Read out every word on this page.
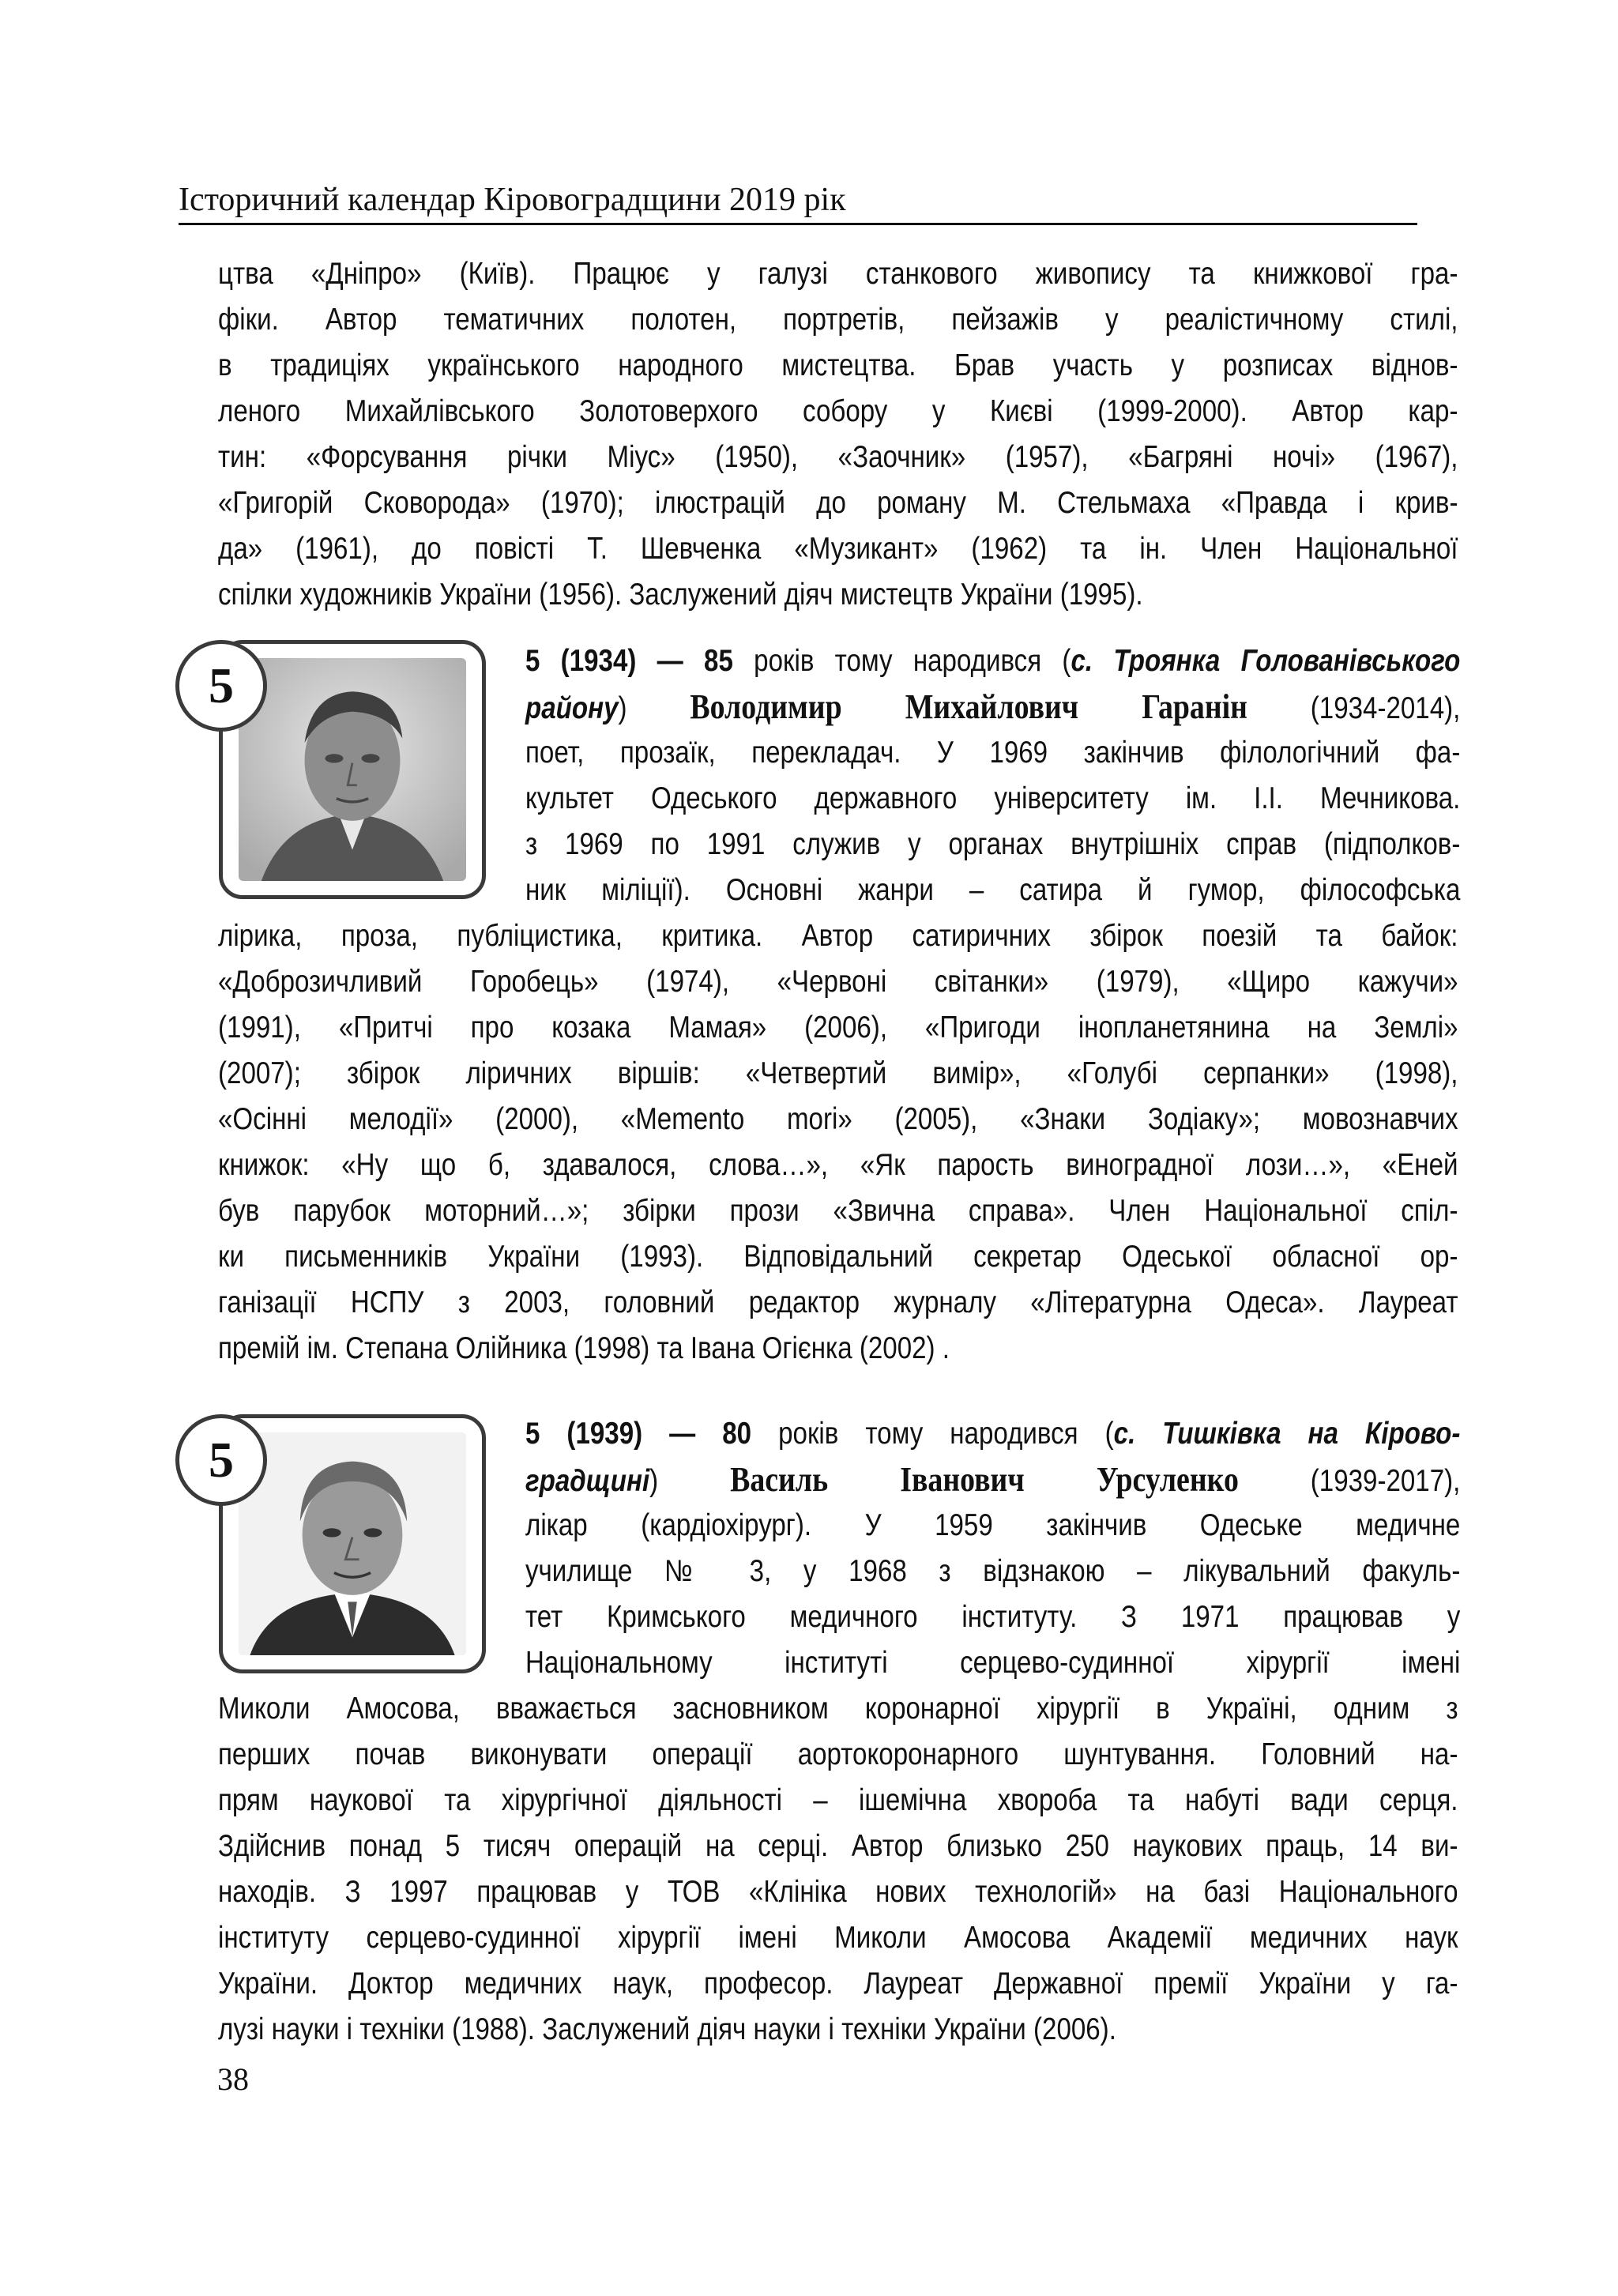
Історичний календар Кіровоградщини 2019 рік
цтва «Дніпро» (Київ). Працює у галузі станкового живопису та книжкової гра-
фіки. Автор тематичних полотен, портретів, пейзажів у реалістичному стилі,
в традиціях українського народного мистецтва. Брав участь у розписах віднов-
леного Михайлівського Золотоверхого собору у Києві (1999-2000). Автор кар-
тин: «Форсування річки Міус» (1950), «Заочник» (1957), «Багряні ночі» (1967),
«Григорій Сковорода» (1970); ілюстрацій до роману М. Стельмаха «Правда і крив-
да» (1961), до повісті Т. Шевченка «Музикант» (1962) та ін. Член Національної
спілки художників України (1956). Заслужений діяч мистецтв України (1995).
5	5 (1934) — 85 років тому народився (с. Троянка Голованівського
району) Володимир Михайлович Гаранін (1934-2014),
поет, прозаїк, перекладач. У 1969 закінчив філологічний фа-
культет Одеського державного університету ім. І.І. Мечникова.
з 1969 по 1991 служив у органах внутрішніх справ (підполков-
ник міліції). Основні жанри – сатира й гумор, філософська
лірика, проза, публіцистика, критика. Автор сатиричних збірок поезій та байок:
«Доброзичливий Горобець» (1974), «Червоні світанки» (1979), «Щиро кажучи»
(1991), «Притчі про козака Мамая» (2006), «Пригоди інопланетянина на Землі»
(2007); збірок ліричних віршів: «Четвертий вимір», «Голубі серпанки» (1998),
«Осінні мелодії» (2000), «Memento mori» (2005), «Знаки Зодіаку»; мовознавчих
книжок: «Ну що б, здавалося, слова…», «Як парость виноградної лози…», «Еней
був парубок моторний…»; збірки прози «Звична справа». Член Національної спіл-
ки письменників України (1993). Відповідальний секретар Одеської обласної ор-
ганізації НСПУ з 2003, головний редактор журналу «Літературна Одеса». Лауреат
премій ім. Степана Олійника (1998) та Івана Огієнка (2002) .
5	5 (1939) — 80 років тому народився (с. Тишківка на Кірово-
градщині) Василь Іванович Урсуленко (1939-2017),
лікар (кардіохірург). У 1959 закінчив Одеське медичне
училище № 3, у 1968 з відзнакою – лікувальний факуль-
тет Кримського медичного інституту. З 1971 працював у
Національному інституті серцево-судинної хірургії імені
Миколи Амосова, вважається засновником коронарної хірургії в Україні, одним з
перших почав виконувати операції аортокоронарного шунтування. Головний на-
прям наукової та хірургічної діяльності – ішемічна хвороба та набуті вади серця.
Здійснив понад 5 тисяч операцій на серці. Автор близько 250 наукових праць, 14 ви-
находів. З 1997 працював у ТОВ «Клініка нових технологій» на базі Національного
інституту серцево-судинної хірургії імені Миколи Амосова Академії медичних наук
України. Доктор медичних наук, професор. Лауреат Державної премії України у га-
лузі науки і техніки (1988). Заслужений діяч науки і техніки України (2006).
38
